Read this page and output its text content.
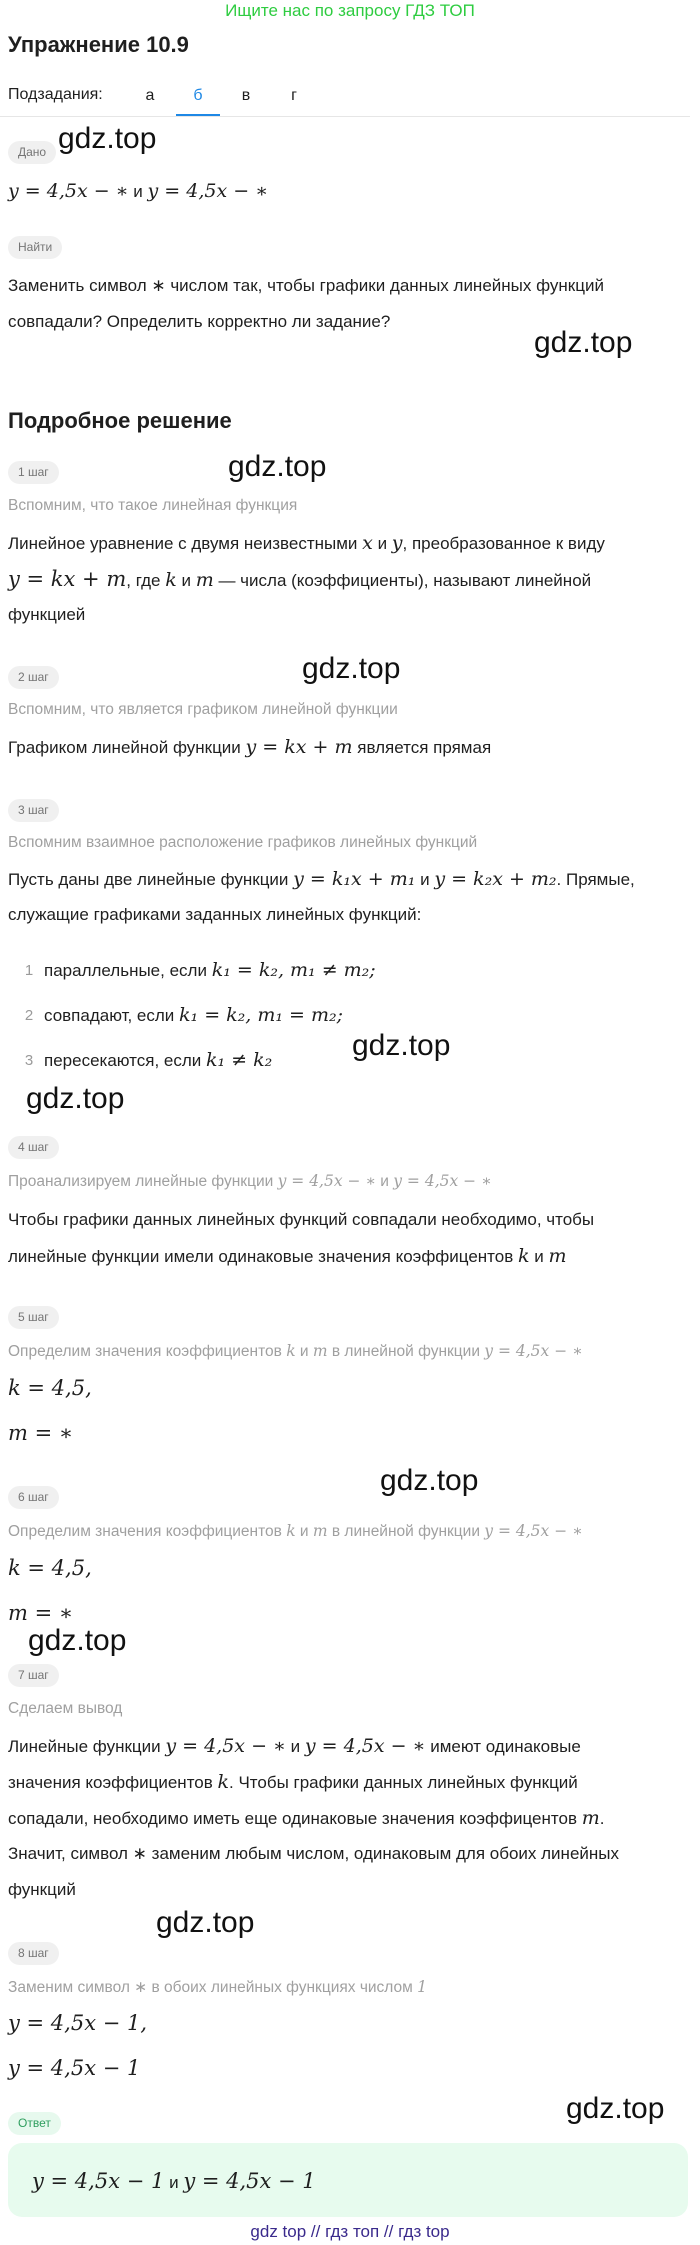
Ищите нас по запросу ГДЗ ТОП
Упражнение 10.9
Подзадания:	а	б	в	г
Дано gdz.top
y = 4,5x − ∗ и y = 4,5x − ∗
Найти
Заменить символ ∗ числом так, чтобы графики данных линейных функций
совпадали? Определить корректно ли задание?
gdz.top
Подробное решение
1 шаг	gdz.top
Вспомним, что такое линейная функция
Линейное уравнение с двумя неизвестными x и y, преобразованное к виду
y = kx + m, где k и m — числа (коэффициенты), называют линейной
функцией
2 шаг	gdz.top
Вспомним, что является графиком линейной функции
Графиком линейной функции y = kx + m является прямая
3 шаг
Вспомним взаимное расположение графиков линейных функций
Пусть даны две линейные функции y = k₁x + m₁ и y = k₂x + m₂. Прямые,
служащие графиками заданных линейных функций:
1 параллельные, если k₁ = k₂, m₁ ≠ m₂;
2 совпадают, если k₁ = k₂, m₁ = m₂;
3 пересекаются, если k₁ ≠ k₂	gdz.top
gdz.top
4 шаг
Проанализируем линейные функции y = 4,5x − ∗ и y = 4,5x − ∗
Чтобы графики данных линейных функций совпадали необходимо, чтобы
линейные функции имели одинаковые значения коэффицентов k и m
5 шаг
Определим значения коэффициентов k и m в линейной функции y = 4,5x − ∗
k = 4,5,
m = ∗
gdz.top
6 шаг
Определим значения коэффициентов k и m в линейной функции y = 4,5x − ∗
k = 4,5,
m = ∗
gdz.top
7 шаг
Сделаем вывод
Линейные функции y = 4,5x − ∗ и y = 4,5x − ∗ имеют одинаковые
значения коэффициентов k. Чтобы графики данных линейных функций
сопадали, необходимо иметь еще одинаковые значения коэффицентов m.
Значит, символ ∗ заменим любым числом, одинаковым для обоих линейных
функций
gdz.top
8 шаг
Заменим символ ∗ в обоих линейных функциях числом 1
y = 4,5x − 1,
y = 4,5x − 1
gdz.top
Ответ
y = 4,5x − 1 и y = 4,5x − 1
gdz top // гдз топ // гдз top
